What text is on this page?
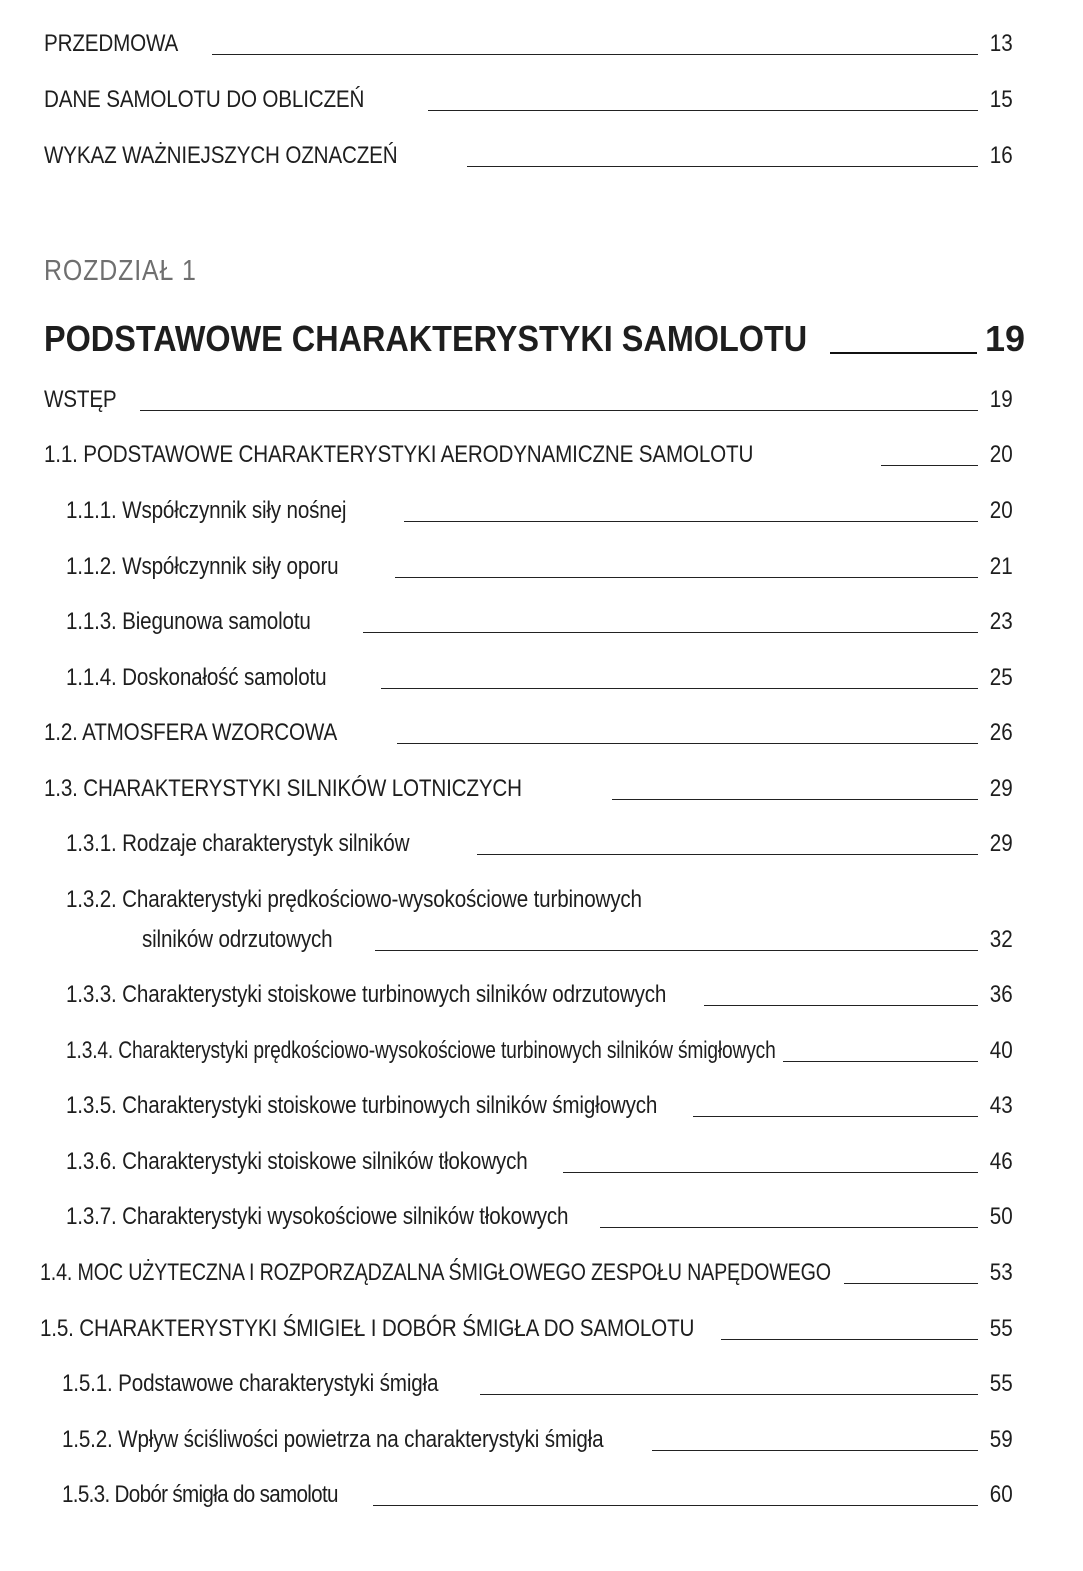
PRZEDMOWA	13
DANE SAMOLOTU DO OBLICZEŃ	15
WYKAZ WAŻNIEJSZYCH OZNACZEŃ	16
ROZDZIAŁ 1
PODSTAWOWE CHARAKTERYSTYKI SAMOLOTU	19
WSTĘP	19
1.1. PODSTAWOWE CHARAKTERYSTYKI AERODYNAMICZNE SAMOLOTU	20
1.1.1. Współczynnik siły nośnej	20
1.1.2. Współczynnik siły oporu	21
1.1.3. Biegunowa samolotu	23
1.1.4. Doskonałość samolotu	25
1.2. ATMOSFERA WZORCOWA	26
1.3. CHARAKTERYSTYKI SILNIKÓW LOTNICZYCH	29
1.3.1. Rodzaje charakterystyk silników	29
1.3.2. Charakterystyki prędkościowo-wysokościowe turbinowych
silników odrzutowych	32
1.3.3. Charakterystyki stoiskowe turbinowych silników odrzutowych	36
1.3.4. Charakterystyki prędkościowo-wysokościowe turbinowych silników śmigłowych	40
1.3.5. Charakterystyki stoiskowe turbinowych silników śmigłowych	43
1.3.6. Charakterystyki stoiskowe silników tłokowych	46
1.3.7. Charakterystyki wysokościowe silników tłokowych	50
1.4. MOC UŻYTECZNA I ROZPORZĄDZALNA ŚMIGŁOWEGO ZESPOŁU NAPĘDOWEGO	53
1.5. CHARAKTERYSTYKI ŚMIGIEŁ I DOBÓR ŚMIGŁA DO SAMOLOTU	55
1.5.1. Podstawowe charakterystyki śmigła	55
1.5.2. Wpływ ściśliwości powietrza na charakterystyki śmigła	59
1.5.3. Dobór śmigła do samolotu	60
